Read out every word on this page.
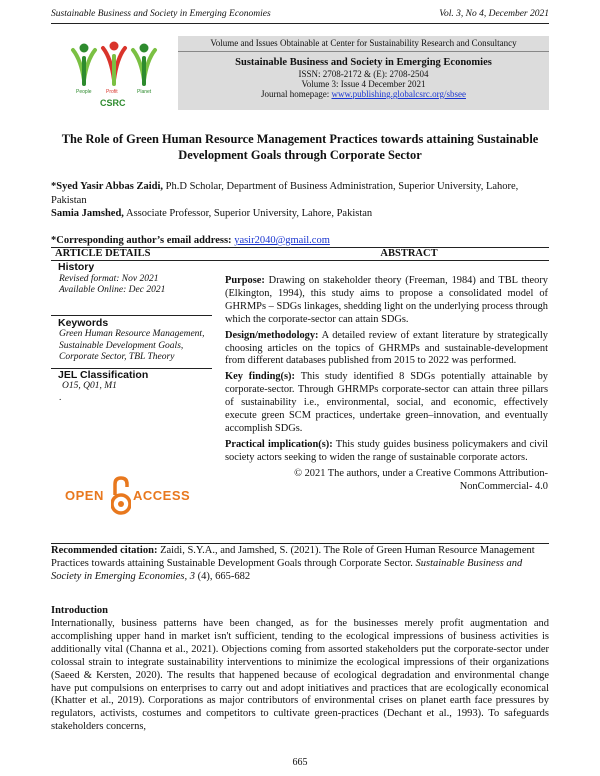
Sustainable Business and Society in Emerging Economies	Vol. 3, No 4, December 2021
People	Profit	Planet
CSRC
Volume and Issues Obtainable at Center for Sustainability Research and Consultancy
Sustainable Business and Society in Emerging Economies
ISSN: 2708-2172 & (E): 2708-2504
Volume 3: Issue 4 December 2021
Journal homepage: www.publishing.globalcsrc.org/sbsee
The Role of Green Human Resource Management Practices towards attaining Sustainable Development Goals through Corporate Sector
*Syed Yasir Abbas Zaidi, Ph.D Scholar, Department of Business Administration, Superior University, Lahore, Pakistan
Samia Jamshed, Associate Professor, Superior University, Lahore, Pakistan
*Corresponding author’s email address: yasir2040@gmail.com
ARTICLE DETAILS	ABSTRACT
History
Revised format: Nov 2021
Available Online: Dec 2021
Keywords
Green Human Resource Management, Sustainable Development Goals, Corporate Sector, TBL Theory
JEL Classification
O15, Q01, M1
.
OPEN ACCESS

Purpose: Drawing on stakeholder theory (Freeman, 1984) and TBL theory (Elkington, 1994), this study aims to propose a consolidated model of GHRMPs – SDGs linkages, shedding light on the underlying process through which the corporate-sector can attain SDGs.

Design/methodology: A detailed review of extant literature by strategically choosing articles on the topics of GHRMPs and sustainable-development from different databases published from 2015 to 2022 was performed.

Key finding(s): This study identified 8 SDGs potentially attainable by corporate-sector. Through GHRMPs corporate-sector can attain three pillars of sustainability i.e., environmental, social, and economic, effectively execute green SCM practices, undertake green–innovation, and eventually accomplish SDGs.

Practical implication(s): This study guides business policymakers and civil society actors seeking to widen the range of sustainable corporate actors.

© 2021 The authors, under a Creative Commons Attribution-NonCommercial- 4.0

Recommended citation: Zaidi, S.Y.A., and Jamshed, S. (2021). The Role of Green Human Resource Management Practices towards attaining Sustainable Development Goals through Corporate Sector. Sustainable Business and Society in Emerging Economies, 3 (4), 665-682
Introduction
Internationally, business patterns have been changed, as for the businesses merely profit augmentation and accomplishing upper hand in market isn't sufficient, tending to the ecological impressions of business activities is additionally vital (Channa et al., 2021). Objections coming from assorted stakeholders put the corporate-sector under colossal strain to integrate sustainability interventions to minimize the ecological impressions of their organizations (Saeed & Kersten, 2020). The results that happened because of ecological degradation and environmental change have put compulsions on enterprises to carry out and adopt initiatives and practices that are ecologically economical (Khatter et al., 2019). Corporations as major contributors of environmental crises on planet earth face pressures by regulators, activists, costumes and competitors to cultivate green-practices (Dechant et al., 1993). To safeguards stakeholders concerns,
665
